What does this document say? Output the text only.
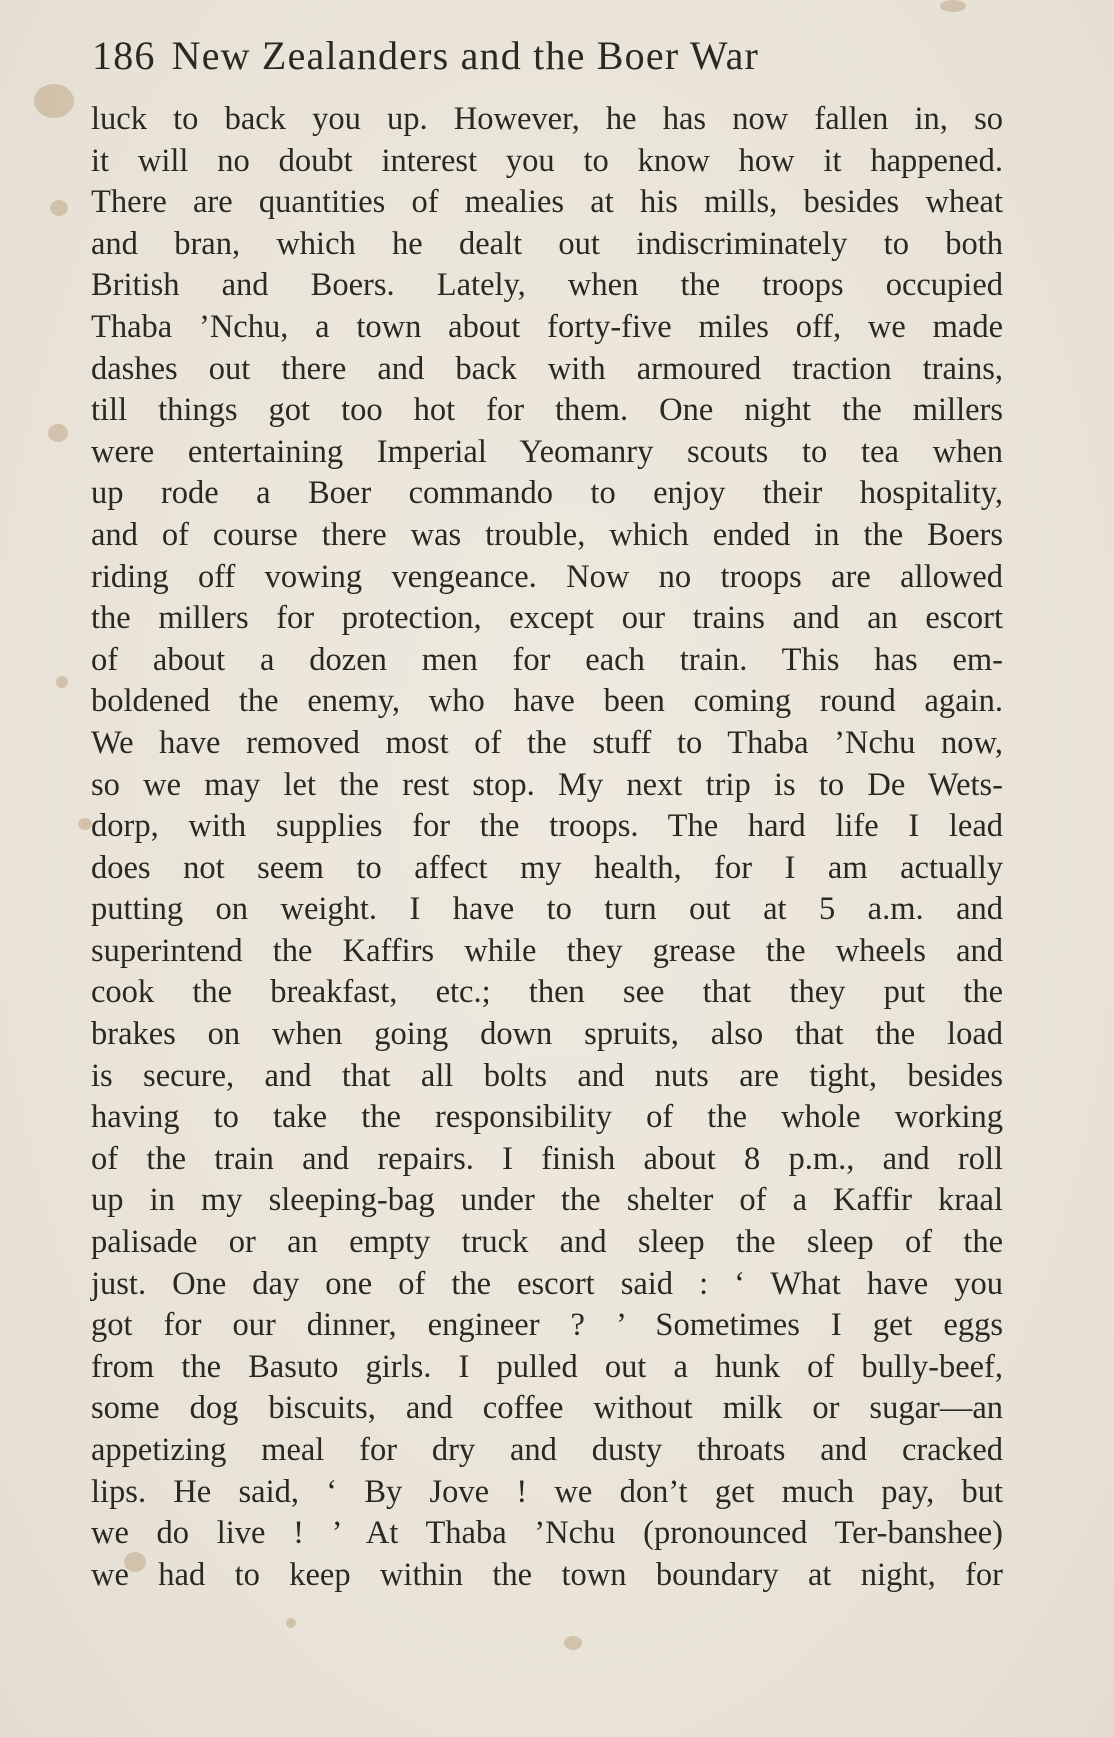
186 New Zealanders and the Boer War
luck to back you up. However, he has now fallen in, so
it will no doubt interest you to know how it happened.
There are quantities of mealies at his mills, besides wheat
and bran, which he dealt out indiscriminately to both
British and Boers. Lately, when the troops occupied
Thaba ’Nchu, a town about forty-five miles off, we made
dashes out there and back with armoured traction trains,
till things got too hot for them. One night the millers
were entertaining Imperial Yeomanry scouts to tea when
up rode a Boer commando to enjoy their hospitality,
and of course there was trouble, which ended in the Boers
riding off vowing vengeance. Now no troops are allowed
the millers for protection, except our trains and an escort
of about a dozen men for each train. This has em-
boldened the enemy, who have been coming round again.
We have removed most of the stuff to Thaba ’Nchu now,
so we may let the rest stop. My next trip is to De Wets-
dorp, with supplies for the troops. The hard life I lead
does not seem to affect my health, for I am actually
putting on weight. I have to turn out at 5 a.m. and
superintend the Kaffirs while they grease the wheels and
cook the breakfast, etc.; then see that they put the
brakes on when going down spruits, also that the load
is secure, and that all bolts and nuts are tight, besides
having to take the responsibility of the whole working
of the train and repairs. I finish about 8 p.m., and roll
up in my sleeping-bag under the shelter of a Kaffir kraal
palisade or an empty truck and sleep the sleep of the
just. One day one of the escort said : ‘ What have you
got for our dinner, engineer ? ’ Sometimes I get eggs
from the Basuto girls. I pulled out a hunk of bully-beef,
some dog biscuits, and coffee without milk or sugar—an
appetizing meal for dry and dusty throats and cracked
lips. He said, ‘ By Jove ! we don’t get much pay, but
we do live ! ’ At Thaba ’Nchu (pronounced Ter-banshee)
we had to keep within the town boundary at night, for
